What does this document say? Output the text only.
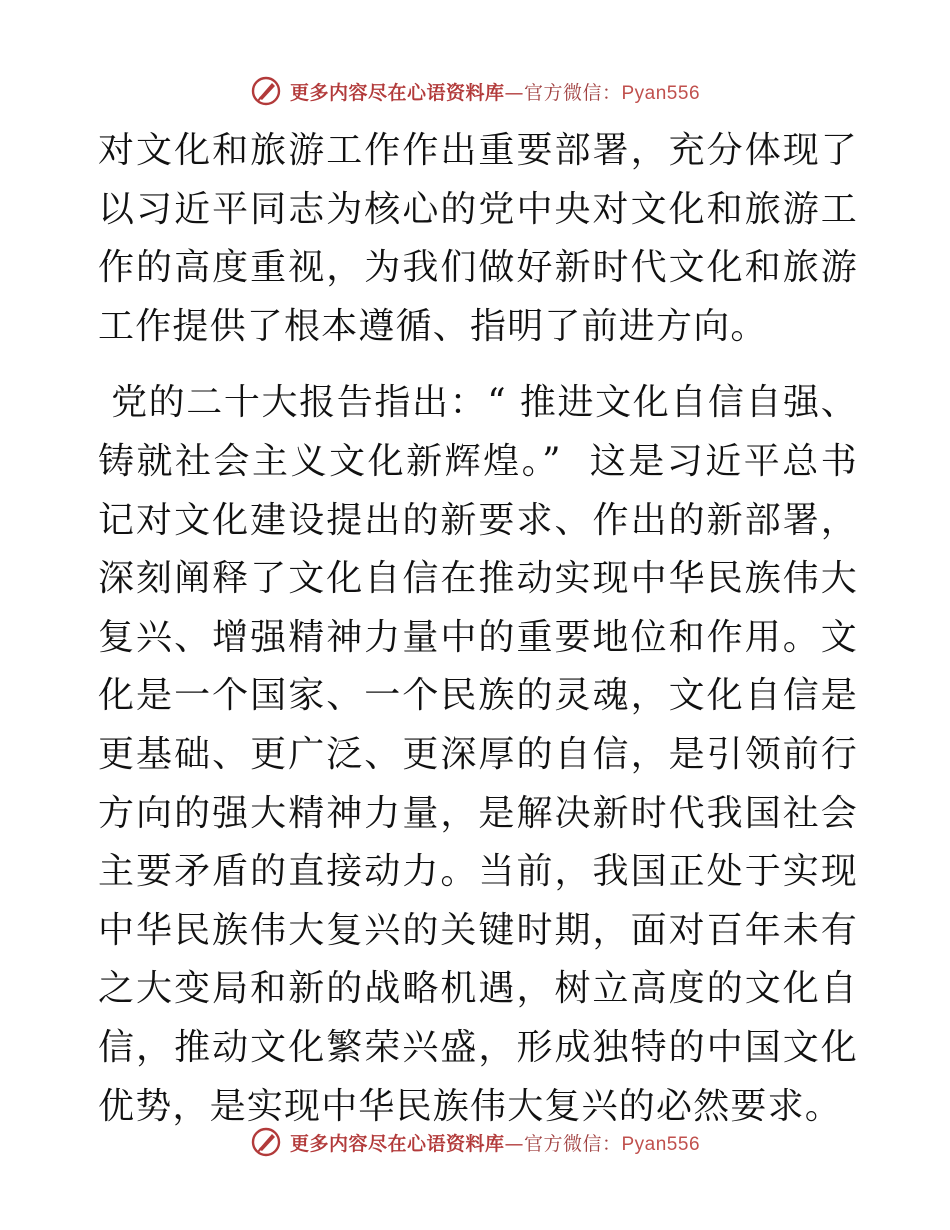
更多内容尽在心语资料库—官方微信：Pyan556

对文化和旅游工作作出重要部署，充分体现了以习近平同志为核心的党中央对文化和旅游工作的高度重视，为我们做好新时代文化和旅游工作提供了根本遵循、指明了前进方向。

党的二十大报告指出：“ 推进文化自信自强、铸就社会主义文化新辉煌。”  这是习近平总书记对文化建设提出的新要求、作出的新部署，深刻阐释了文化自信在推动实现中华民族伟大复兴、增强精神力量中的重要地位和作用。文化是一个国家、一个民族的灵魂，文化自信是更基础、更广泛、更深厚的自信，是引领前行方向的强大精神力量，是解决新时代我国社会主要矛盾的直接动力。当前，我国正处于实现中华民族伟大复兴的关键时期，面对百年未有之大变局和新的战略机遇，树立高度的文化自信，推动文化繁荣兴盛，形成独特的中国文化优势，是实现中华民族伟大复兴的必然要求。

更多内容尽在心语资料库—官方微信：Pyan556
